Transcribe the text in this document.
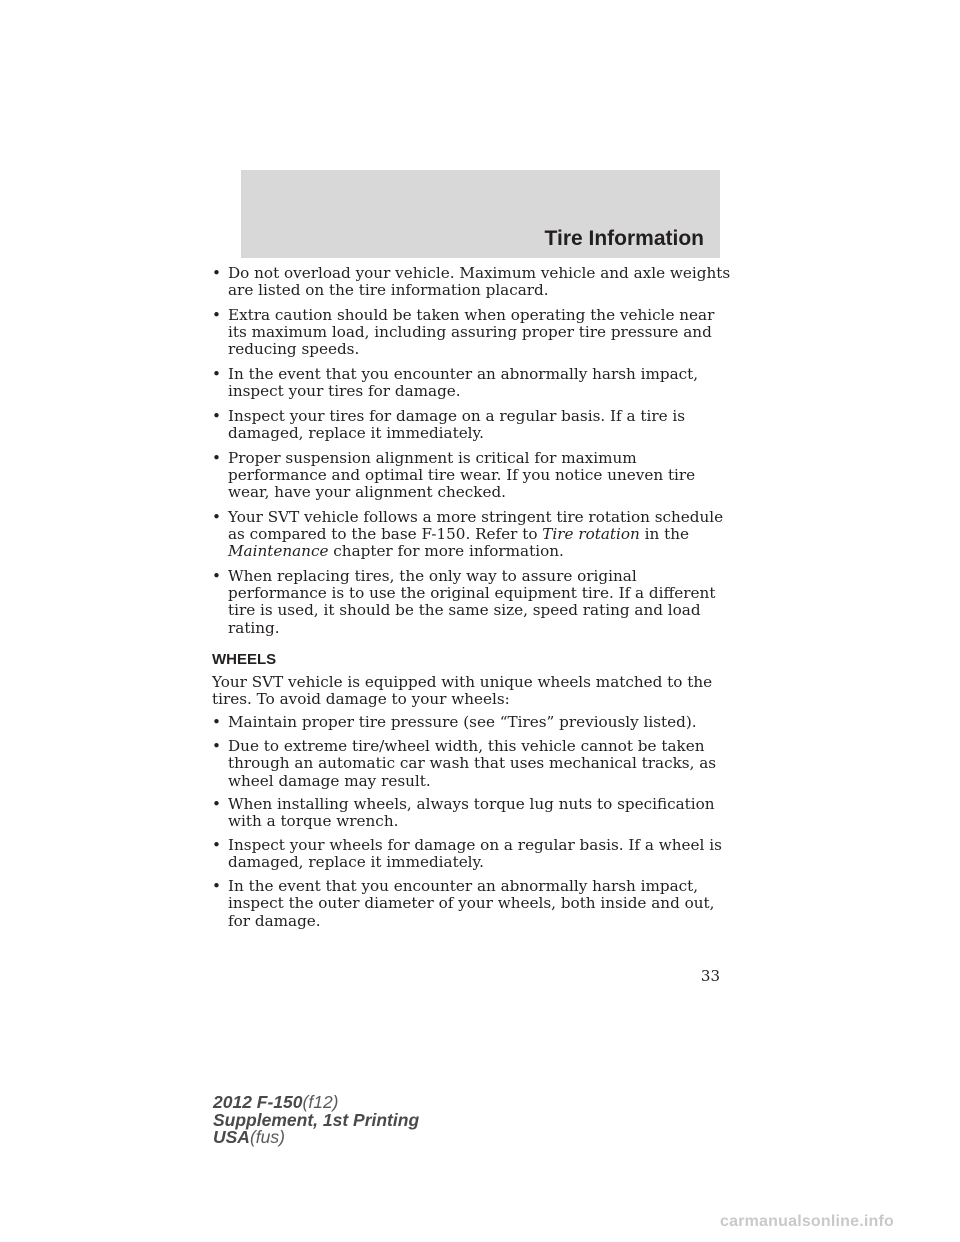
Tire Information
• Do not overload your vehicle. Maximum vehicle and axle weights are listed on the tire information placard.
• Extra caution should be taken when operating the vehicle near its maximum load, including assuring proper tire pressure and reducing speeds.
• In the event that you encounter an abnormally harsh impact, inspect your tires for damage.
• Inspect your tires for damage on a regular basis. If a tire is damaged, replace it immediately.
• Proper suspension alignment is critical for maximum performance and optimal tire wear. If you notice uneven tire wear, have your alignment checked.
• Your SVT vehicle follows a more stringent tire rotation schedule as compared to the base F-150. Refer to Tire rotation in the Maintenance chapter for more information.
• When replacing tires, the only way to assure original performance is to use the original equipment tire. If a different tire is used, it should be the same size, speed rating and load rating.
WHEELS

Your SVT vehicle is equipped with unique wheels matched to the tires. To avoid damage to your wheels:

• Maintain proper tire pressure (see “Tires” previously listed).
• Due to extreme tire/wheel width, this vehicle cannot be taken through an automatic car wash that uses mechanical tracks, as wheel damage may result.
• When installing wheels, always torque lug nuts to specification with a torque wrench.
• Inspect your wheels for damage on a regular basis. If a wheel is damaged, replace it immediately.
• In the event that you encounter an abnormally harsh impact, inspect the outer diameter of your wheels, both inside and out, for damage.
33
2012 F-150(f12)
Supplement, 1st Printing
USA(fus)
carmanualsonline.info
